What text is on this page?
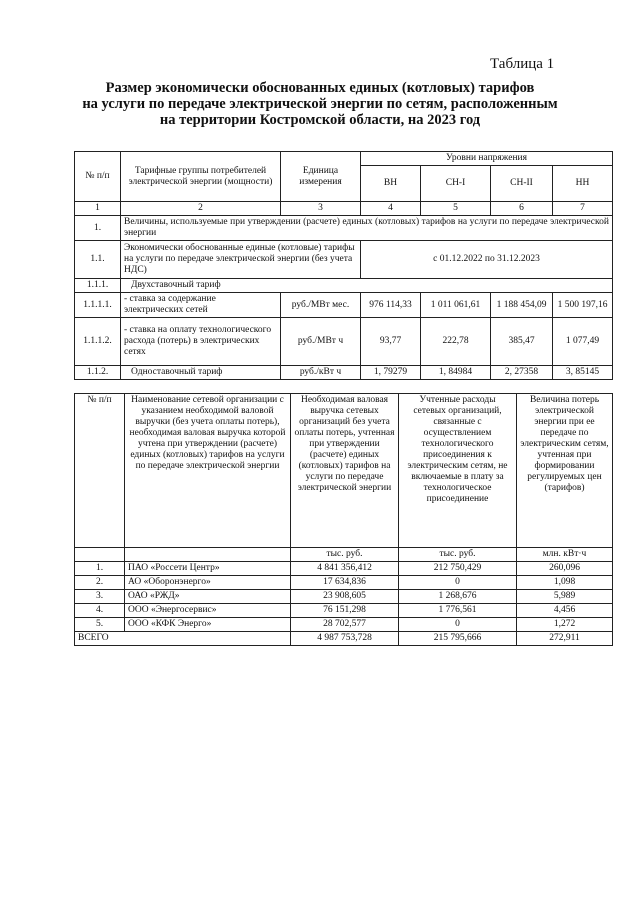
Таблица 1
Размер экономически обоснованных единых (котловых) тарифов
на услуги по передаче электрической энергии по сетям, расположенным
на территории Костромской области, на 2023 год
№ п/п	Тарифные группы потребителей электрической энергии (мощности)	Единица измерения	Уровни напряжения			
			ВН	СН-I	СН-II	НН
1	2	3	4	5	6	7
1.	Величины, используемые при утверждении (расчете) единых (котловых) тарифов на услуги по передаче электрической энергии					
1.1.	Экономически обоснованные единые (котловые) тарифы на услуги по передаче электрической энергии (без учета НДС)		с 01.12.2022 по 31.12.2023			
1.1.1.	Двухставочный тариф					
1.1.1.1.	- ставка за содержание электрических сетей	руб./МВт мес.	976 114,33	1 011 061,61	1 188 454,09	1 500 197,16
1.1.1.2.	- ставка на оплату технологического расхода (потерь) в электрических сетях	руб./МВт ч	93,77	222,78	385,47	1 077,49
1.1.2.	Одноставочный тариф	руб./кВт ч	1, 79279	1, 84984	2, 27358	3, 85145
№ п/п	Наименование сетевой организации с указанием необходимой валовой выручки (без учета оплаты потерь), необходимая валовая выручка которой учтена при утверждении (расчете) единых (котловых) тарифов на услуги по передаче электрической энергии	Необходимая валовая выручка сетевых организаций без учета оплаты потерь, учтенная при утверждении (расчете) единых (котловых) тарифов на услуги по передаче электрической энергии	Учтенные расходы сетевых организаций, связанные с осуществлением технологического присоединения к электрическим сетям, не включаемые в плату за технологическое присоединение	Величина потерь электрической энергии при ее передаче по электрическим сетям, учтенная при формировании регулируемых цен (тарифов)
		тыс. руб.	тыс. руб.	млн. кВт·ч
1.	ПАО «Россети Центр»	4 841 356,412	212 750,429	260,096
2.	АО «Оборонэнерго»	17 634,836	0	1,098
3.	ОАО «РЖД»	23 908,605	1 268,676	5,989
4.	ООО «Энергосервис»	76 151,298	1 776,561	4,456
5.	ООО «КФК Энерго»	28 702,577	0	1,272
ВСЕГО		4 987 753,728	215 795,666	272,911
